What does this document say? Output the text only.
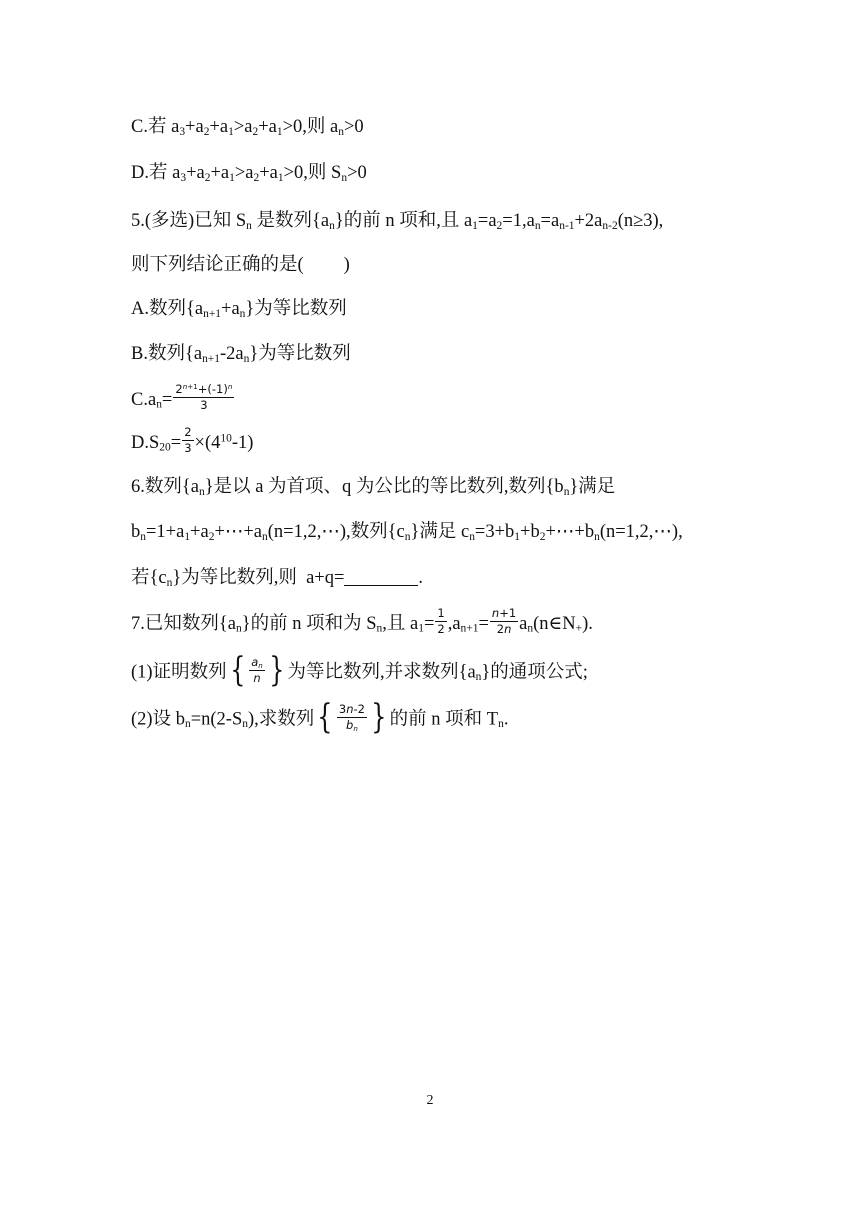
C.若 $a_3+a_2+a_1>a_2+a_1>0$,则 $a_n>0$
D.若 $a_3+a_2+a_1>a_2+a_1>0$,则 $S_n>0$
5.(多选)已知 $S_n$ 是数列$\{a_n\}$的前 n 项和,且 $a_1=a_2=1,a_n=a_{n-1}+2a_{n-2}(n\ge 3)$,
则下列结论正确的是( )
A.数列$\{a_{n+1}+a_n\}$为等比数列
B.数列$\{a_{n+1}-2a_n\}$为等比数列
$C.a_n= \frac{2^{n+1}+(-1)^n}{3}$
$D.S_{20}= \frac{2}{3} \times(4^{10}-1)$
6.数列$\{a_n\}$是以 a 为首项、q 为公比的等比数列,数列$\{b_n\}$满足
$b_n=1+a_1+a_2+\cdots+a_n(n=1,2,\cdots)$,数列$\{c_n\}$满足 $c_n=3+b_1+b_2+\cdots+b_n(n=1,2,\cdots)$,
若$\{c_n\}$为等比数列,则  a+q=	.
7.已知数列$\{a_n\}$的前 n 项和为 $S_n$,且 $a_1= \frac{1}{2} ,a_{n+1}= \frac{n+1}{2n}$ $a_n(n\in N_+)$.
(1)证明数列{ $\frac{a_n}{n}$ } 为等比数列,并求数列$\{a_n\}$的通项公式;
(2)设 $b_n=n(2-S_n)$,求数列{ $\frac{3n-2}{b_n}$ } 的前 n 项和 $T_n$.
2
